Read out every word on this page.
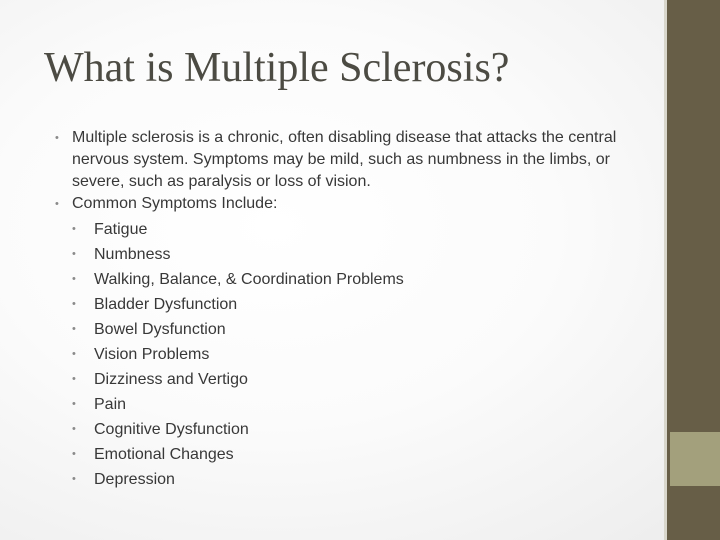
What is Multiple Sclerosis?

• Multiple sclerosis is a chronic, often disabling disease that attacks the central nervous system. Symptoms may be mild, such as numbness in the limbs, or severe, such as paralysis or loss of vision.

• Common Symptoms Include:

• Fatigue
• Numbness
• Walking, Balance, & Coordination Problems
• Bladder Dysfunction
• Bowel Dysfunction
• Vision Problems
• Dizziness and Vertigo
• Pain
• Cognitive Dysfunction
• Emotional Changes
• Depression
